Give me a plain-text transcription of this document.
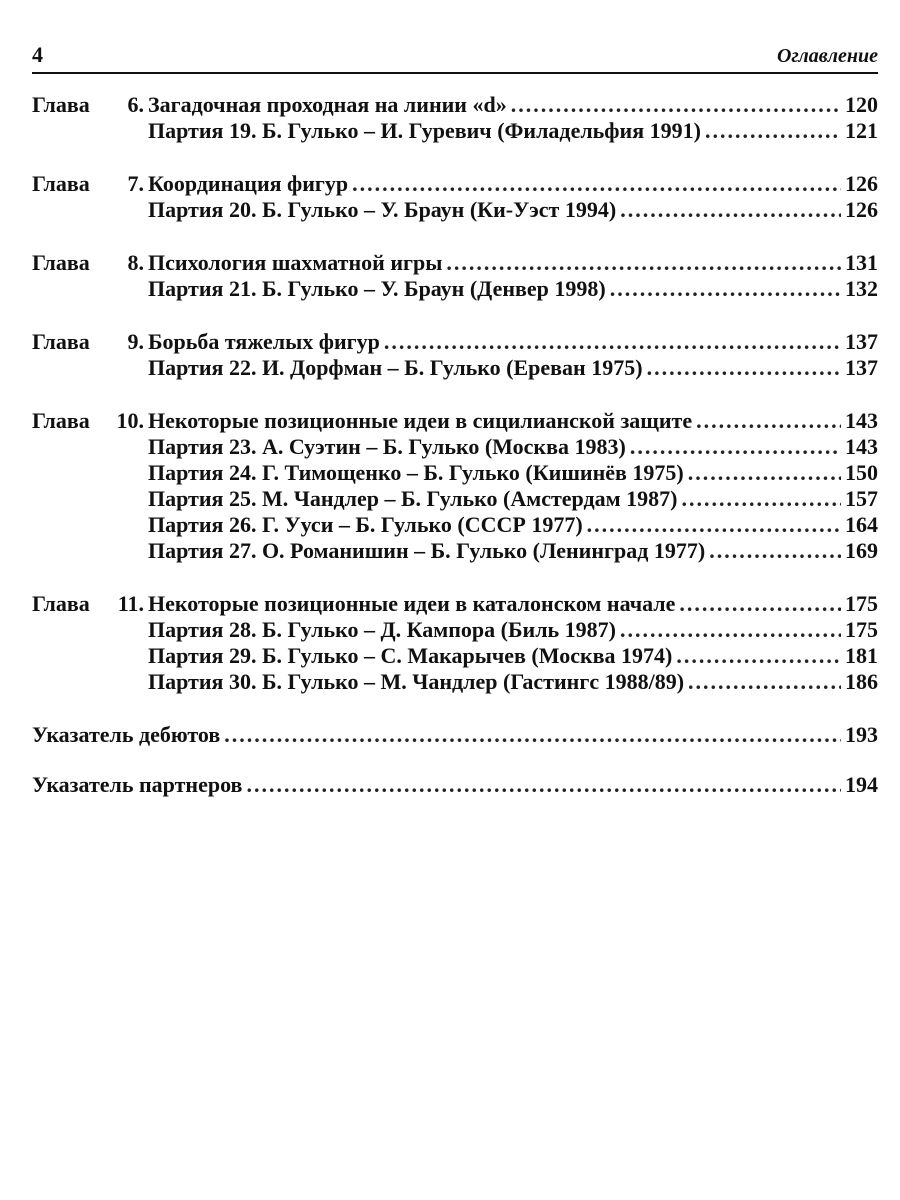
4	Оглавление
Глава	6. Загадочная проходная на линии «d» .....	120
Партия 19. Б. Гулько – И. Гуревич (Филадельфия 1991) .....	121
Глава	7. Координация фигур .....	126
Партия 20. Б. Гулько – У. Браун (Ки-Уэст 1994) .....	126
Глава	8. Психология шахматной игры .....	131
Партия 21. Б. Гулько – У. Браун (Денвер 1998) .....	132
Глава	9. Борьба тяжелых фигур .....	137
Партия 22. И. Дорфман – Б. Гулько (Ереван 1975) .....	137
Глава	10. Некоторые позиционные идеи в сицилианской защите .....	143
Партия 23. А. Суэтин – Б. Гулько (Москва 1983) .....	143
Партия 24. Г. Тимощенко – Б. Гулько (Кишинёв 1975) .....	150
Партия 25. М. Чандлер – Б. Гулько (Амстердам 1987) .....	157
Партия 26. Г. Ууси – Б. Гулько (СССР 1977) .....	164
Партия 27. О. Романишин – Б. Гулько (Ленинград 1977) .....	169
Глава	11. Некоторые позиционные идеи в каталонском начале .....	175
Партия 28. Б. Гулько – Д. Кампора (Биль 1987) .....	175
Партия 29. Б. Гулько – С. Макарычев (Москва 1974) .....	181
Партия 30. Б. Гулько – М. Чандлер (Гастингс 1988/89) .....	186
Указатель дебютов .....	193
Указатель партнеров .....	194
